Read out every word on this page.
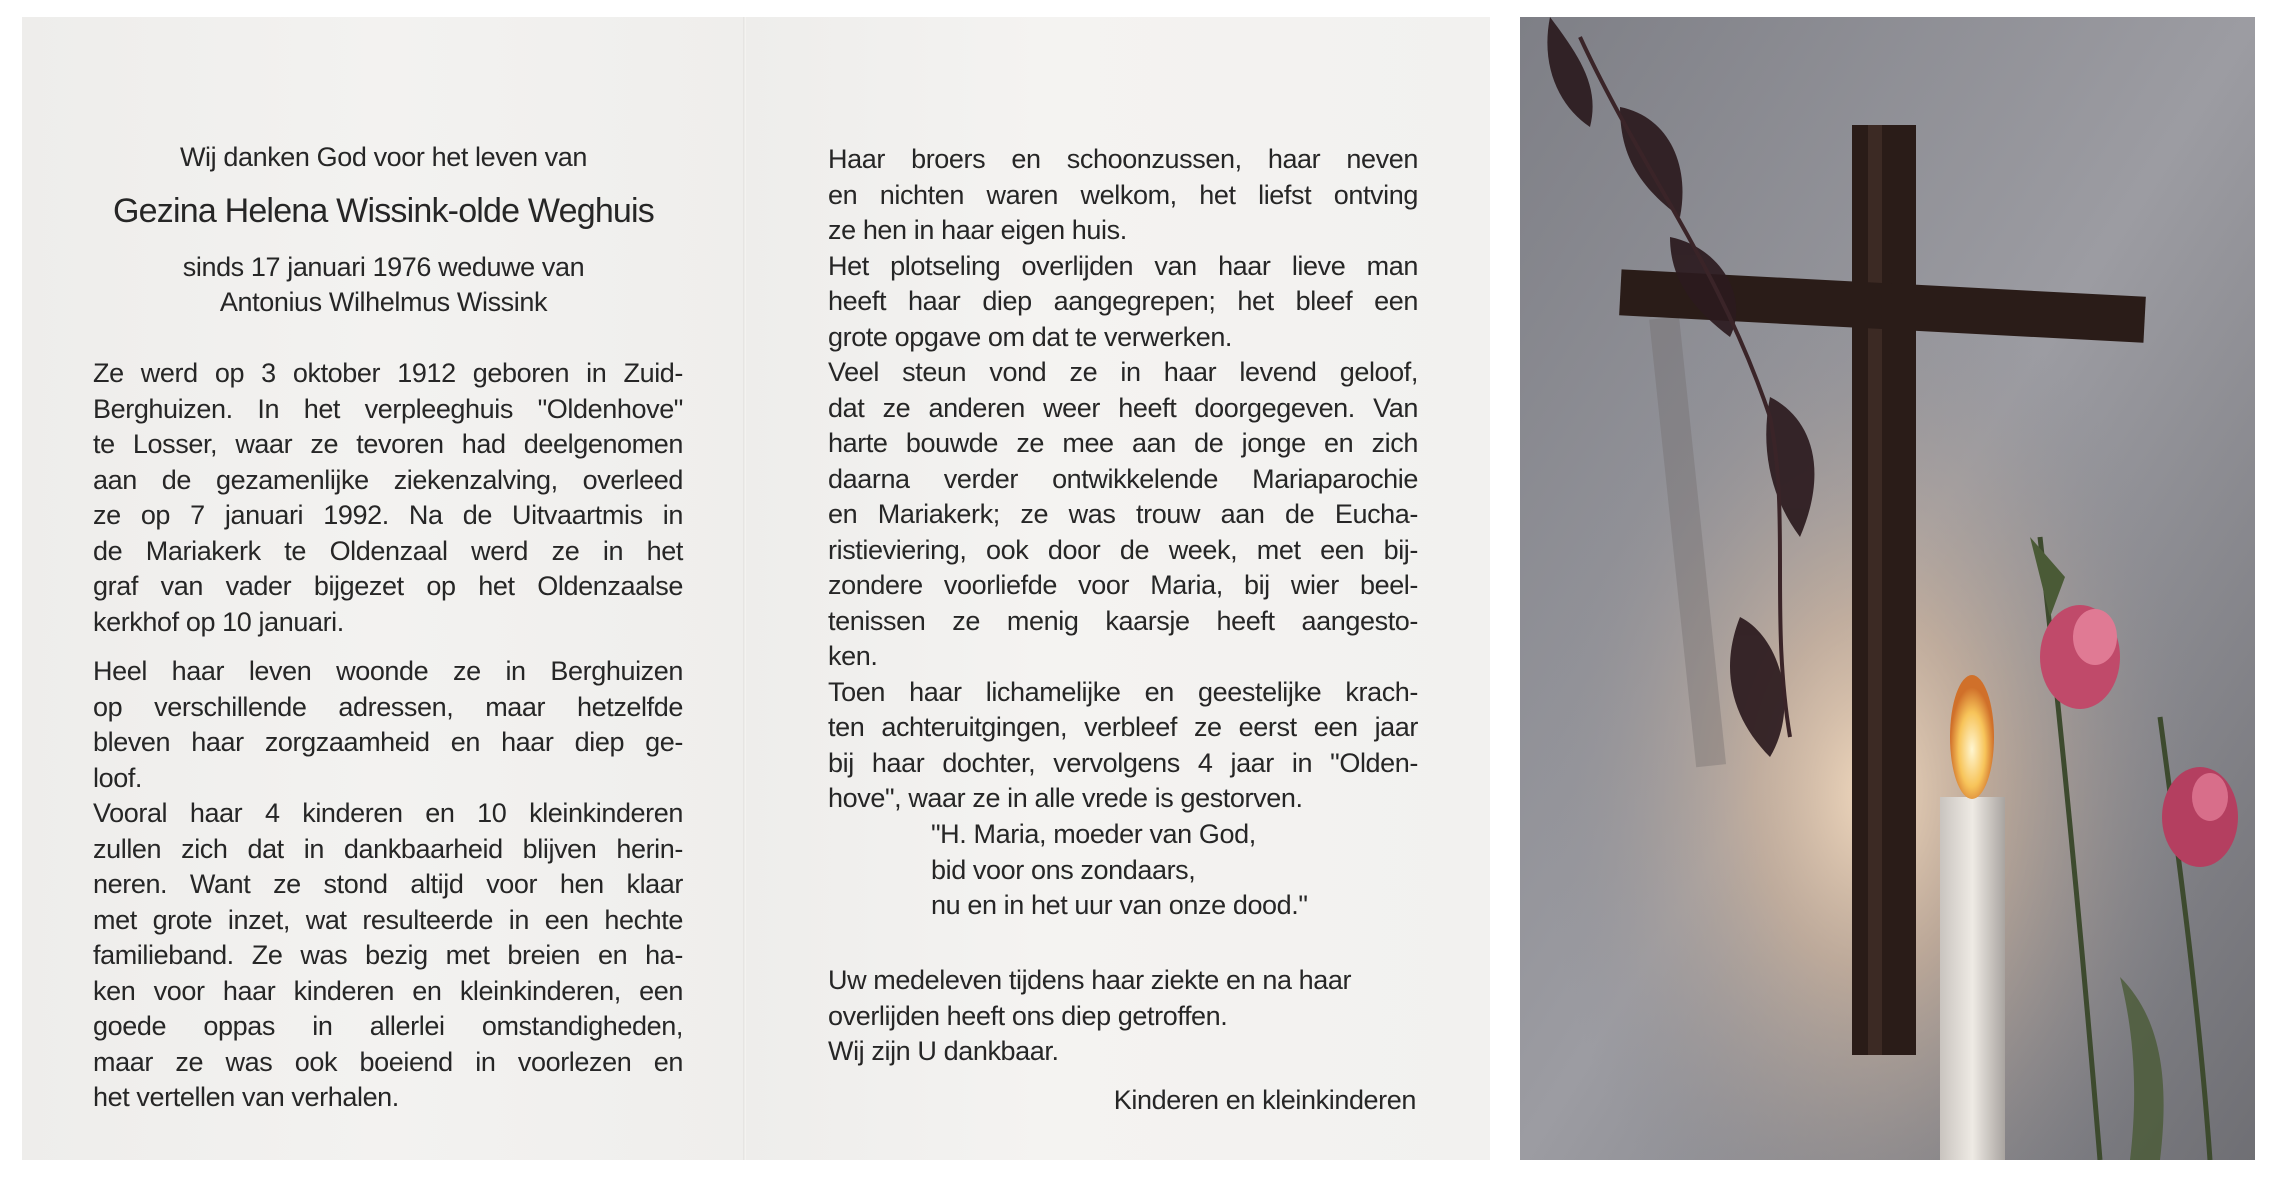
Wij danken God voor het leven van
Gezina Helena Wissink-olde Weghuis
sinds 17 januari 1976 weduwe van
Antonius Wilhelmus Wissink
Ze werd op 3 oktober 1912 geboren in Zuid-
Berghuizen. In het verpleeghuis "Oldenhove"
te Losser, waar ze tevoren had deelgenomen
aan de gezamenlijke ziekenzalving, overleed
ze op 7 januari 1992. Na de Uitvaartmis in
de Mariakerk te Oldenzaal werd ze in het
graf van vader bijgezet op het Oldenzaalse
kerkhof op 10 januari.
Heel haar leven woonde ze in Berghuizen
op verschillende adressen, maar hetzelfde
bleven haar zorgzaamheid en haar diep ge-
loof.
Vooral haar 4 kinderen en 10 kleinkinderen
zullen zich dat in dankbaarheid blijven herin-
neren. Want ze stond altijd voor hen klaar
met grote inzet, wat resulteerde in een hechte
familieband. Ze was bezig met breien en ha-
ken voor haar kinderen en kleinkinderen, een
goede oppas in allerlei omstandigheden,
maar ze was ook boeiend in voorlezen en
het vertellen van verhalen.
Haar broers en schoonzussen, haar neven
en nichten waren welkom, het liefst ontving
ze hen in haar eigen huis.
Het plotseling overlijden van haar lieve man
heeft haar diep aangegrepen; het bleef een
grote opgave om dat te verwerken.
Veel steun vond ze in haar levend geloof,
dat ze anderen weer heeft doorgegeven. Van
harte bouwde ze mee aan de jonge en zich
daarna verder ontwikkelende Mariaparochie
en Mariakerk; ze was trouw aan de Eucha-
ristieviering, ook door de week, met een bij-
zondere voorliefde voor Maria, bij wier beel-
tenissen ze menig kaarsje heeft aangesto-
ken.
Toen haar lichamelijke en geestelijke krach-
ten achteruitgingen, verbleef ze eerst een jaar
bij haar dochter, vervolgens 4 jaar in "Olden-
hove", waar ze in alle vrede is gestorven.
"H. Maria, moeder van God,
bid voor ons zondaars,
nu en in het uur van onze dood."
Uw medeleven tijdens haar ziekte en na haar
overlijden heeft ons diep getroffen.
Wij zijn U dankbaar.
Kinderen en kleinkinderen
